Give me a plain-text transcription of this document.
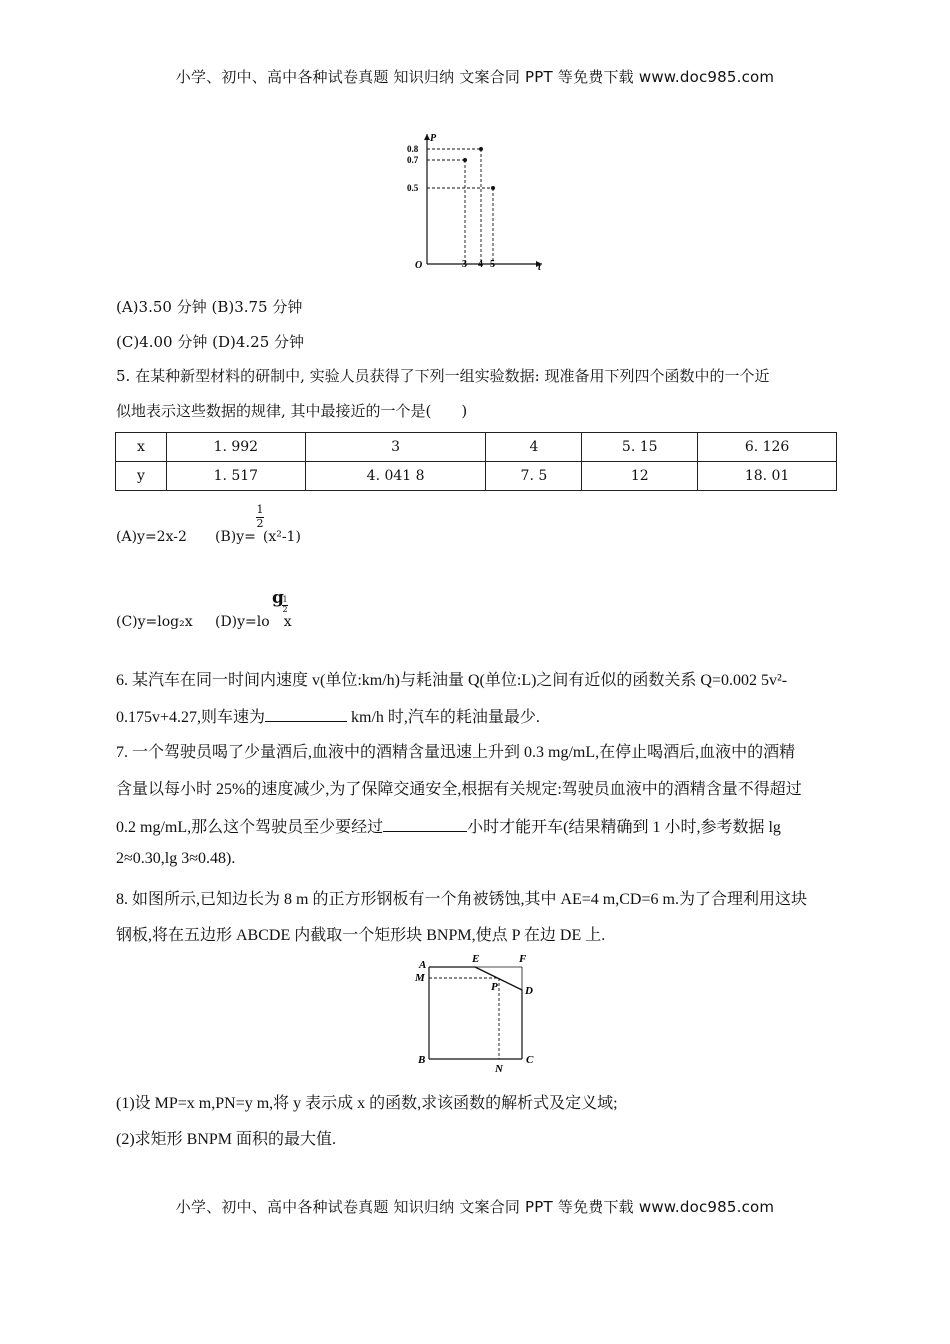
小学、初中、高中各种试卷真题 知识归纳 文案合同 PPT 等免费下载 www.doc985.com
P
t
O
0.8
0.7
0.5
3 4 5
(A)3.50 分钟 (B)3.75 分钟
(C)4.00 分钟 (D)4.25 分钟
5. 在某种新型材料的研制中, 实验人员获得了下列一组实验数据: 现准备用下列四个函数中的一个近
似地表示这些数据的规律, 其中最接近的一个是(　　)
x	1. 992	3	4	5. 15	6. 126
y	1. 517	4. 041 8	7. 5	12	18. 01
(A)y=2x-2
1
2
(B)y= (x²-1)
(C)y=log₂x
g
1
2
(D)y=lo x
6. 某汽车在同一时间内速度 v(单位:km/h)与耗油量 Q(单位:L)之间有近似的函数关系 Q=0.002 5v²-
0.175v+4.27,则车速为	km/h 时,汽车的耗油量最少.
7. 一个驾驶员喝了少量酒后,血液中的酒精含量迅速上升到 0.3 mg/mL,在停止喝酒后,血液中的酒精
含量以每小时 25%的速度减少,为了保障交通安全,根据有关规定:驾驶员血液中的酒精含量不得超过
0.2 mg/mL,那么这个驾驶员至少要经过	小时才能开车(结果精确到 1 小时,参考数据 lg
2≈0.30,lg 3≈0.48).
8. 如图所示,已知边长为 8 m 的正方形钢板有一个角被锈蚀,其中 AE=4 m,CD=6 m.为了合理利用这块
钢板,将在五边形 ABCDE 内截取一个矩形块 BNPM,使点 P 在边 DE 上.
A
M
E	F
P D
B
N
C
(1)设 MP=x m,PN=y m,将 y 表示成 x 的函数,求该函数的解析式及定义域;
(2)求矩形 BNPM 面积的最大值.
小学、初中、高中各种试卷真题 知识归纳 文案合同 PPT 等免费下载 www.doc985.com
